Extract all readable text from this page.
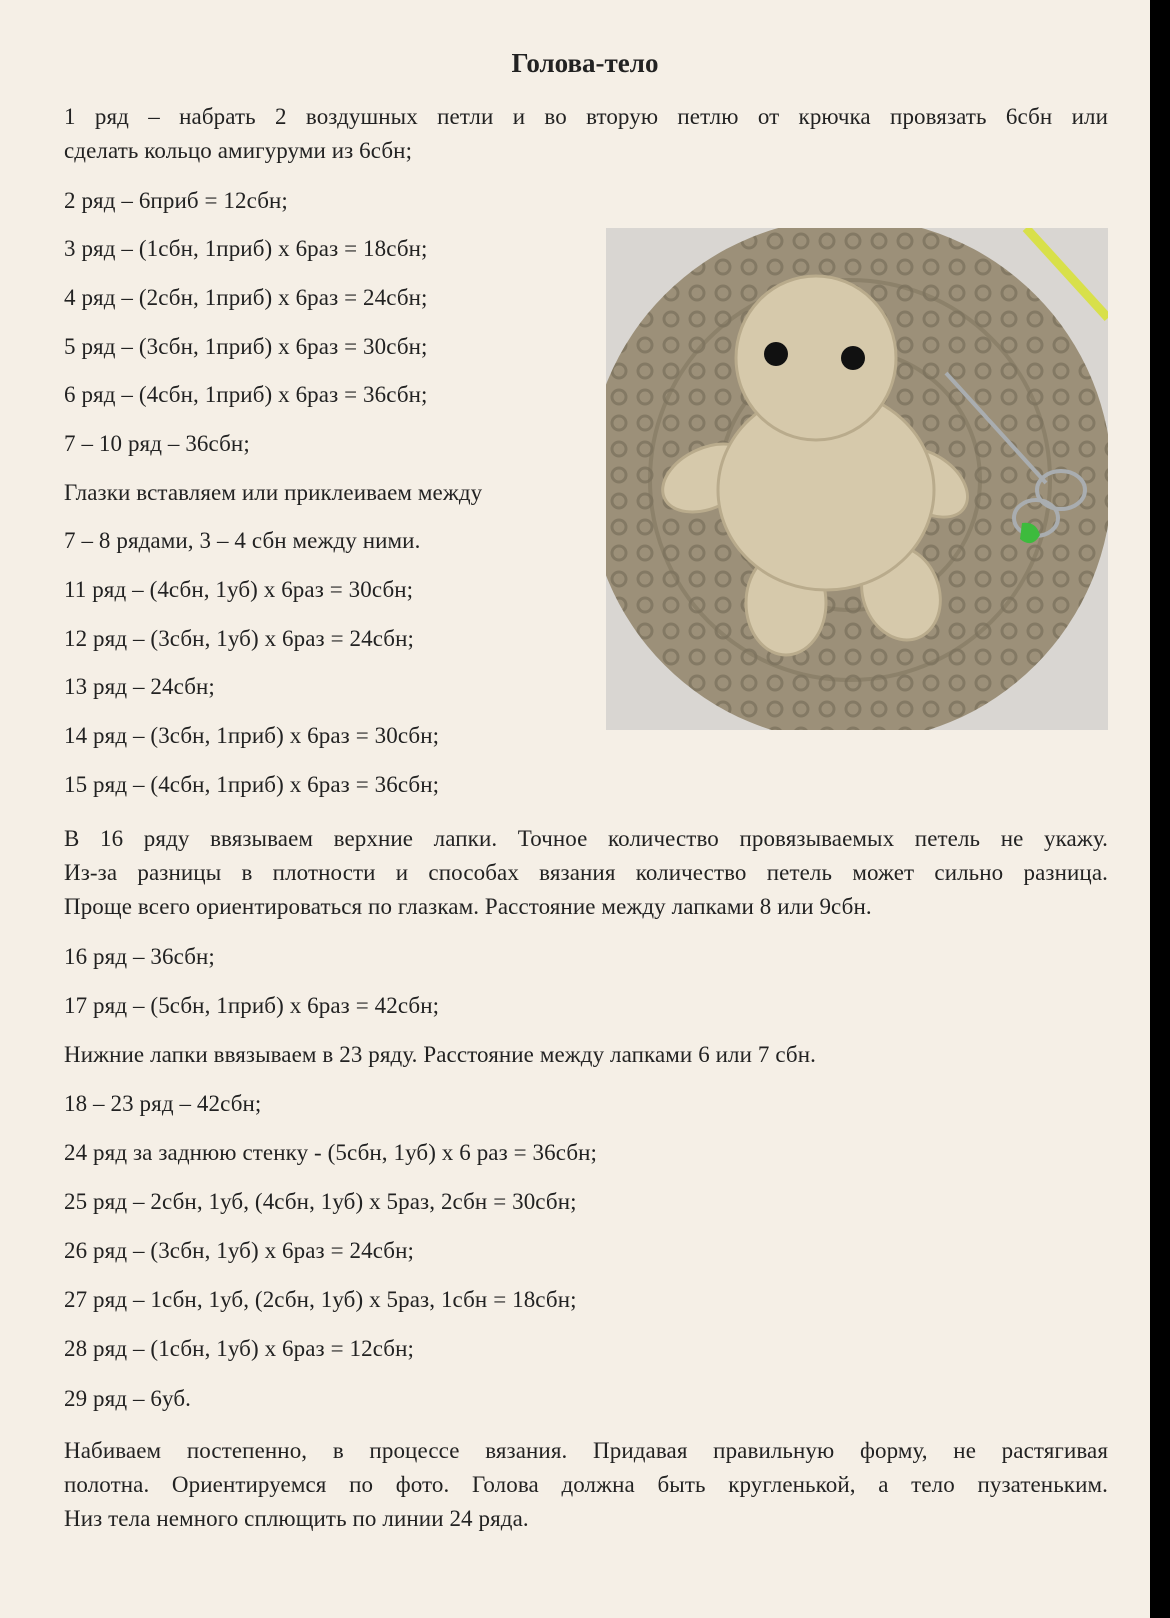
Голова-тело
1 ряд – набрать 2 воздушных петли и во вторую петлю от крючка провязать 6сбн или
сделать кольцо амигуруми из 6сбн;
2 ряд – 6приб = 12сбн;
3 ряд – (1сбн, 1приб) х 6раз = 18сбн;
4 ряд – (2сбн, 1приб) х 6раз = 24сбн;
5 ряд – (3сбн, 1приб) х 6раз = 30сбн;
6 ряд – (4сбн, 1приб) х 6раз = 36сбн;
7 – 10 ряд – 36сбн;
Глазки вставляем или приклеиваем между
7 – 8 рядами, 3 – 4 сбн между ними.
11 ряд – (4сбн, 1уб) х 6раз = 30сбн;
12 ряд – (3сбн, 1уб) х 6раз = 24сбн;
13 ряд – 24сбн;
14 ряд – (3сбн, 1приб) х 6раз = 30сбн;
15 ряд – (4сбн, 1приб) х 6раз = 36сбн;
В 16 ряду ввязываем верхние лапки. Точное количество провязываемых петель не укажу.
Из-за разницы в плотности и способах вязания количество петель может сильно разница.
Проще всего ориентироваться по глазкам. Расстояние между лапками 8 или 9сбн.
16 ряд – 36сбн;
17 ряд – (5сбн, 1приб) х 6раз = 42сбн;
Нижние лапки ввязываем в 23 ряду. Расстояние между лапками 6 или 7 сбн.
18 – 23 ряд – 42сбн;
24 ряд за заднюю стенку - (5сбн, 1уб) х 6 раз = 36сбн;
25 ряд – 2сбн, 1уб, (4сбн, 1уб) х 5раз, 2сбн = 30сбн;
26 ряд – (3сбн, 1уб) х 6раз = 24сбн;
27 ряд – 1сбн, 1уб, (2сбн, 1уб) х 5раз, 1сбн = 18сбн;
28 ряд – (1сбн, 1уб) х 6раз = 12сбн;
29 ряд – 6уб.
Набиваем постепенно, в процессе вязания. Придавая правильную форму, не растягивая
полотна. Ориентируемся по фото. Голова должна быть кругленькой, а тело пузатеньким.
Низ тела немного сплющить по линии 24 ряда.
